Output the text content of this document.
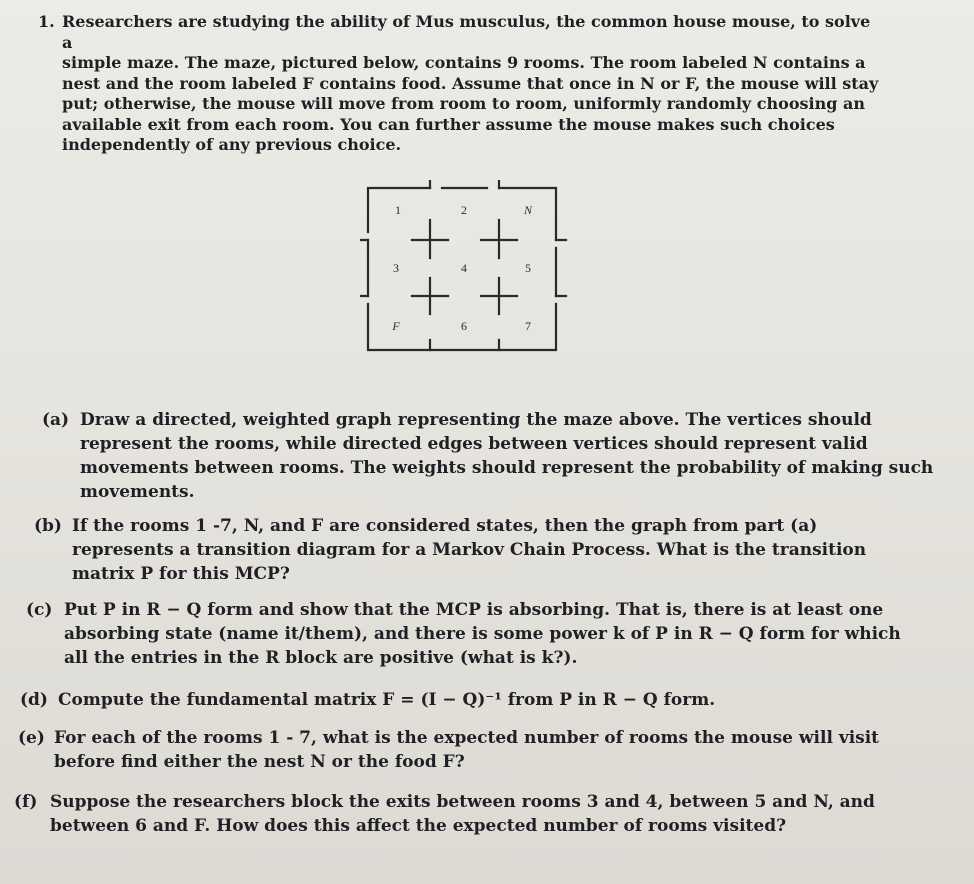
1. Researchers are studying the ability of Mus musculus, the common house mouse, to solve a
simple maze. The maze, pictured below, contains 9 rooms. The room labeled N contains a
nest and the room labeled F contains food. Assume that once in N or F, the mouse will stay
put; otherwise, the mouse will move from room to room, uniformly randomly choosing an
available exit from each room. You can further assume the mouse makes such choices
independently of any previous choice.
1	2	N
3	4	5
F	6	7
(a) Draw a directed, weighted graph representing the maze above. The vertices should
represent the rooms, while directed edges between vertices should represent valid
movements between rooms. The weights should represent the probability of making such
movements.
(b) If the rooms 1 -7, N, and F are considered states, then the graph from part (a)
represents a transition diagram for a Markov Chain Process. What is the transition
matrix P for this MCP?
(c) Put P in R − Q form and show that the MCP is absorbing. That is, there is at least one
absorbing state (name it/them), and there is some power k of P in R − Q form for which
all the entries in the R block are positive (what is k?).
(d) Compute the fundamental matrix F = (I − Q)⁻¹ from P in R − Q form.
(e) For each of the rooms 1 - 7, what is the expected number of rooms the mouse will visit
before find either the nest N or the food F?
(f) Suppose the researchers block the exits between rooms 3 and 4, between 5 and N, and
between 6 and F. How does this affect the expected number of rooms visited?
